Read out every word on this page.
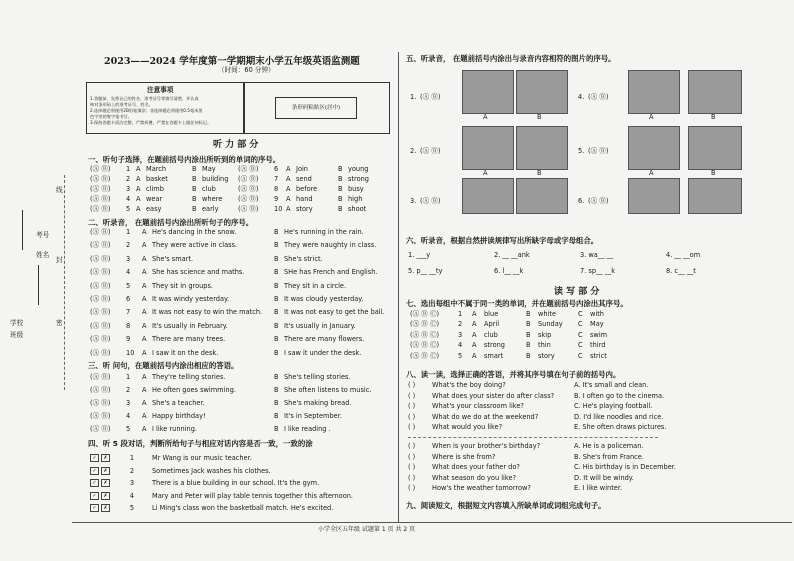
考号
姓名
学校
班级
线
封
密
2023——2024 学年度第一学期期末小学五年级英语监测题
（时间：60 分钟）
注意事项
1.答题前，先将自己的姓名、准考证号等填写清楚，并认真
核对条形码上的准考证号、姓名。
2.选择题必须使用2B铅笔填涂；非选择题必须使用0.5毫米黑
色字迹的签字笔书写。
3.保持答题卡清洁完整，严禁折叠，严禁在答题卡上做任何标记。
条形码粘贴区(居中)
听 力 部 分
一、听句子选择，在题前括号内涂出所听到的单词的序号。
(Ⓐ Ⓑ) 1 A March	B May
(Ⓐ Ⓑ) 2 A basket	B building
(Ⓐ Ⓑ) 3 A climb	B club
(Ⓐ Ⓑ) 4 A wear	B where
(Ⓐ Ⓑ) 5 A easy	B early
(Ⓐ Ⓑ) 6 A Join	B young
(Ⓐ Ⓑ) 7 A send	B strong
(Ⓐ Ⓑ) 8 A before	B busy
(Ⓐ Ⓑ) 9 A hand	B high
(Ⓐ Ⓑ) 10 A story	B shoot
二、听录音， 在题前括号内涂出所听句子的序号。
(Ⓐ Ⓑ) 1 A He's dancing in the snow.	B He's running in the rain.
(Ⓐ Ⓑ) 2 A They were active in class.	B They were naughty in class.
(Ⓐ Ⓑ) 3 A She's smart.	B She's strict.
(Ⓐ Ⓑ) 4 A She has science and maths.	B SHe has French and English.
(Ⓐ Ⓑ) 5 A They sit in groups.	B They sit in a circle.
(Ⓐ Ⓑ) 6 A It was windy yesterday.	B It was cloudy yesterday.
(Ⓐ Ⓑ) 7 A It was not easy to win the match. B It was not easy to get the ball.
(Ⓐ Ⓑ) 8 A It's usually in February.	B It's usually in January.
(Ⓐ Ⓑ) 9 A There are many trees.	B There are many flowers.
(Ⓐ Ⓑ) 10 A I saw it on the desk.	B I saw it under the desk.
三、听 问句，在题前括号内涂出相应的答语。
(Ⓐ Ⓑ) 1 A They're telling stories.	B She's telling stories.
(Ⓐ Ⓑ) 2 A He often goes swimming.	B She often listens to music.
(Ⓐ Ⓑ) 3 A She's a teacher.	B She's making bread.
(Ⓐ Ⓑ) 4 A Happy birthday!	B It's in September.
(Ⓐ Ⓑ) 5 A I like running.	B I like reading .
四、听 5 段对话，判断所给句子与相应对话内容是否一致，一致的涂
✓ ✗	1	Mr Wang is our music teacher.
✓ ✗	2	Sometimes Jack washes his clothes.
✓ ✗	3	There is a blue building in our school. It's the gym.
✓ ✗	4	Mary and Peter will play table tennis together this afternoon.
✓ ✗	5	Li Ming's class won the basketball match. He's excited.
五、听录音， 在题前括号内涂出与录音内容相符的图片的序号。
1. (Ⓐ Ⓑ)
A	B
4. (Ⓐ Ⓑ)
A	B
2. (Ⓐ Ⓑ)
A	B
5. (Ⓐ Ⓑ)
A	B
3. (Ⓐ Ⓑ)	6. (Ⓐ Ⓑ)
六、听录音，根据自然拼读规律写出所缺字母或字母组合。
1. ___y	2. __ __ank	3. wa__ __	4. __ __om
5. p__ __ty	6. l__ __k	7. sp__ __k	8. c__ __t
读 写 部 分
七、选出每组中不属于同一类的单词，并在题前括号内涂出其序号。
(Ⓐ Ⓑ Ⓒ)	1 A blue	B white	C with
(Ⓐ Ⓑ Ⓒ)	2 A April	B Sunday C May
(Ⓐ Ⓑ Ⓒ)	3 A club	B skip	C swim
(Ⓐ Ⓑ Ⓒ)	4 A strong	B thin	C third
(Ⓐ Ⓑ Ⓒ)	5 A smart	B story	C strict
八、读一读，选择正确的答语，并将其序号填在句子前的括号内。
( )	What's the boy doing?	A. It's small and clean.
( )	What does your sister do after class?	B. I often go to the cinema.
( )	What's your classroom like?	C. He's playing football.
( )	What do we do at the weekend?	D. I'd like noodles and rice.
( )	What would you like?	E. She often draws pictures.
( )	When is your brother's birthday?	A. He is a policeman.
( )	Where is she from?	B. She's from France.
( )	What does your father do?	C. His birthday is in December.
( )	What season do you like?	D. It will be windy.
( )	How's the weather tomorrow?	E. I like winter.
九、阅读短文，根据短文内容填入所缺单词或词组完成句子。
小学全区五年级 试题第 1 页 共 2 页
